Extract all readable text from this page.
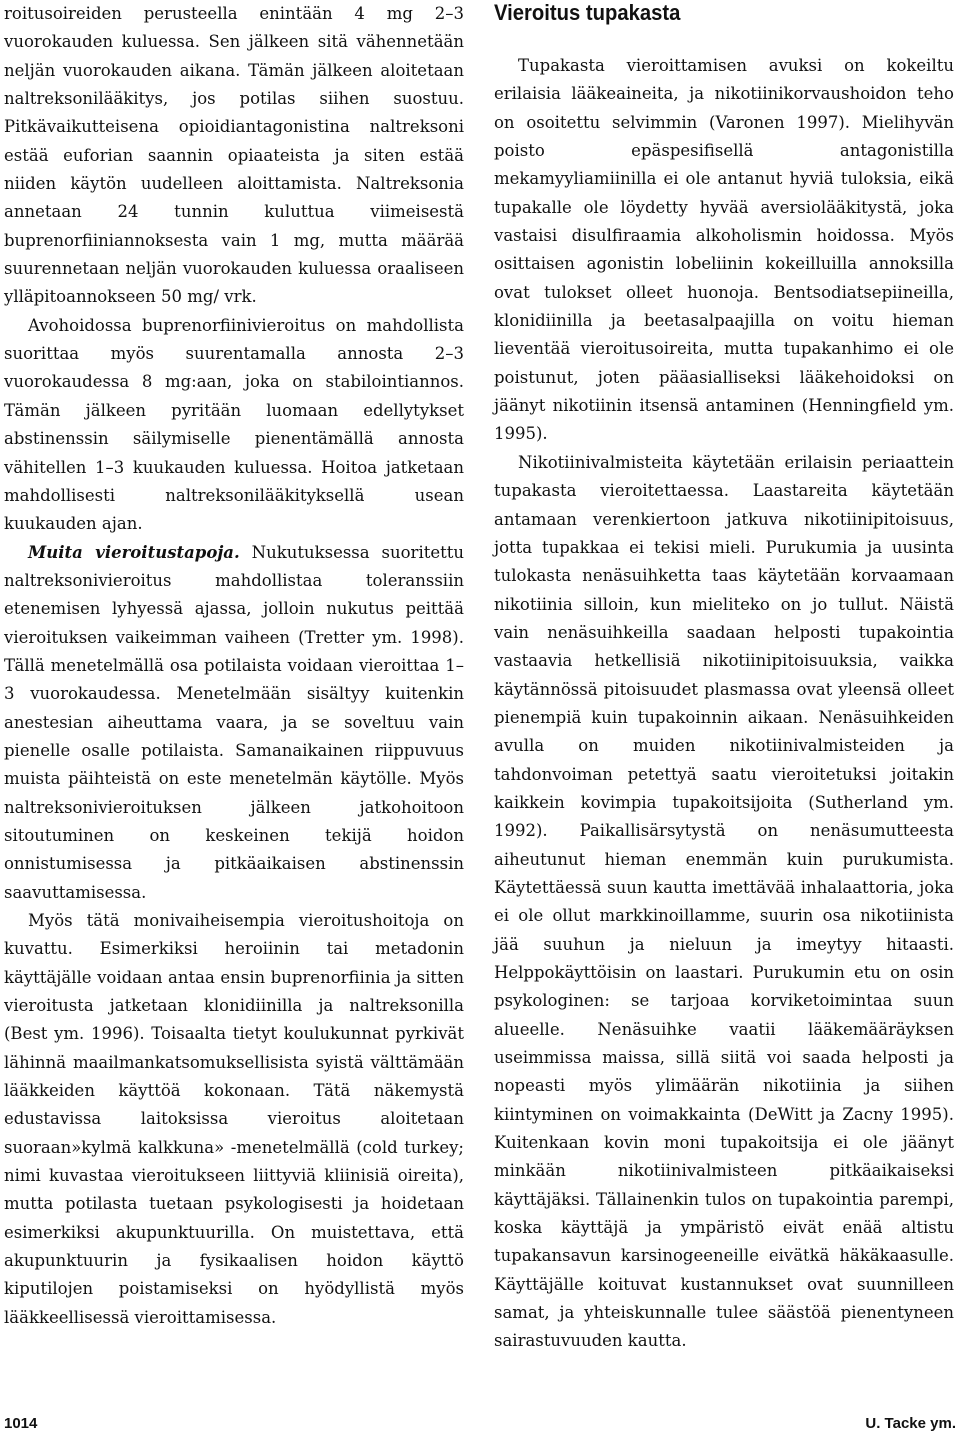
roitusoireiden perusteella enintään 4 mg 2–3 vuorokauden kuluessa. Sen jälkeen sitä vähennetään neljän vuorokauden aikana. Tämän jälkeen aloitetaan naltreksonilääkitys, jos potilas siihen suostuu. Pitkävaikutteisena opioidiantagonistina naltreksoni estää euforian saannin opiaateista ja siten estää niiden käytön uudelleen aloittamista. Naltreksonia annetaan 24 tunnin kuluttua viimeisestä buprenorfiiniannoksesta vain 1 mg, mutta määrää suurennetaan neljän vuorokauden kuluessa oraaliseen ylläpitoannokseen 50 mg/ vrk.

Avohoidossa buprenorfiinivieroitus on mahdollista suorittaa myös suurentamalla annosta 2–3 vuorokaudessa 8 mg:aan, joka on stabilointiannos. Tämän jälkeen pyritään luomaan edellytykset abstinenssin säilymiselle pienentämällä annosta vähitellen 1–3 kuukauden kuluessa. Hoitoa jatketaan mahdollisesti naltreksonilääkityksellä usean kuukauden ajan.

Muita vieroitustapoja. Nukutuksessa suoritettu naltreksonivieroitus mahdollistaa toleranssiin etenemisen lyhyessä ajassa, jolloin nukutus peittää vieroituksen vaikeimman vaiheen (Tretter ym. 1998). Tällä menetelmällä osa potilaista voidaan vieroittaa 1–3 vuorokaudessa. Menetelmään sisältyy kuitenkin anestesian aiheuttama vaara, ja se soveltuu vain pienelle osalle potilaista. Samanaikainen riippuvuus muista päihteistä on este menetelmän käytölle. Myös naltreksonivieroituksen jälkeen jatkohoitoon sitoutuminen on keskeinen tekijä hoidon onnistumisessa ja pitkäaikaisen abstinenssin saavuttamisessa.

Myös tätä monivaiheisempia vieroitushoitoja on kuvattu. Esimerkiksi heroiinin tai metadonin käyttäjälle voidaan antaa ensin buprenorfiinia ja sitten vieroitusta jatketaan klonidiinilla ja naltreksonilla (Best ym. 1996). Toisaalta tietyt koulukunnat pyrkivät lähinnä maailmankatsomuksellisista syistä välttämään lääkkeiden käyttöä kokonaan. Tätä näkemystä edustavissa laitoksissa vieroitus aloitetaan suoraan»kylmä kalkkuna» -menetelmällä (cold turkey; nimi kuvastaa vieroitukseen liittyviä kliinisiä oireita), mutta potilasta tuetaan psykologisesti ja hoidetaan esimerkiksi akupunktuurilla. On muistettava, että akupunktuurin ja fysikaalisen hoidon käyttö kiputilojen poistamiseksi on hyödyllistä myös lääkkeellisessä vieroittamisessa.

Vieroitus tupakasta

Tupakasta vieroittamisen avuksi on kokeiltu erilaisia lääkeaineita, ja nikotiinikorvaushoidon teho on osoitettu selvimmin (Varonen 1997). Mielihyvän poisto epäspesifisellä antagonistilla mekamyyliamiinilla ei ole antanut hyviä tuloksia, eikä tupakalle ole löydetty hyvää aversiolääkitystä, joka vastaisi disulfiraamia alkoholismin hoidossa. Myös osittaisen agonistin lobeliinin kokeilluilla annoksilla ovat tulokset olleet huonoja. Bentsodiatsepiineilla, klonidiinilla ja beetasalpaajilla on voitu hieman lieventää vieroitusoireita, mutta tupakanhimo ei ole poistunut, joten pääasialliseksi lääkehoidoksi on jäänyt nikotiinin itsensä antaminen (Henningfield ym. 1995).

Nikotiinivalmisteita käytetään erilaisin periaattein tupakasta vieroitettaessa. Laastareita käytetään antamaan verenkiertoon jatkuva nikotiinipitoisuus, jotta tupakkaa ei tekisi mieli. Purukumia ja uusinta tulokasta nenäsuihketta taas käytetään korvaamaan nikotiinia silloin, kun mieliteko on jo tullut. Näistä vain nenäsuihkeilla saadaan helposti tupakointia vastaavia hetkellisiä nikotiinipitoisuuksia, vaikka käytännössä pitoisuudet plasmassa ovat yleensä olleet pienempiä kuin tupakoinnin aikaan. Nenäsuihkeiden avulla on muiden nikotiinivalmisteiden ja tahdonvoiman petettyä saatu vieroitetuksi joitakin kaikkein kovimpia tupakoitsijoita (Sutherland ym. 1992). Paikallisärsytystä on nenäsumutteesta aiheutunut hieman enemmän kuin purukumista. Käytettäessä suun kautta imettävää inhalaattoria, joka ei ole ollut markkinoillamme, suurin osa nikotiinista jää suuhun ja nieluun ja imeytyy hitaasti. Helppokäyttöisin on laastari. Purukumin etu on osin psykologinen: se tarjoaa korviketoimintaa suun alueelle. Nenäsuihke vaatii lääkemääräyksen useimmissa maissa, sillä siitä voi saada helposti ja nopeasti myös ylimäärän nikotiinia ja siihen kiintyminen on voimakkainta (DeWitt ja Zacny 1995). Kuitenkaan kovin moni tupakoitsija ei ole jäänyt minkään nikotiinivalmisteen pitkäaikaiseksi käyttäjäksi. Tällainenkin tulos on tupakointia parempi, koska käyttäjä ja ympäristö eivät enää altistu tupakansavun karsinogeeneille eivätkä häkäkaasulle. Käyttäjälle koituvat kustannukset ovat suunnilleen samat, ja yhteiskunnalle tulee säästöä pienentyneen sairastuvuuden kautta.

1014	U. Tacke ym.
